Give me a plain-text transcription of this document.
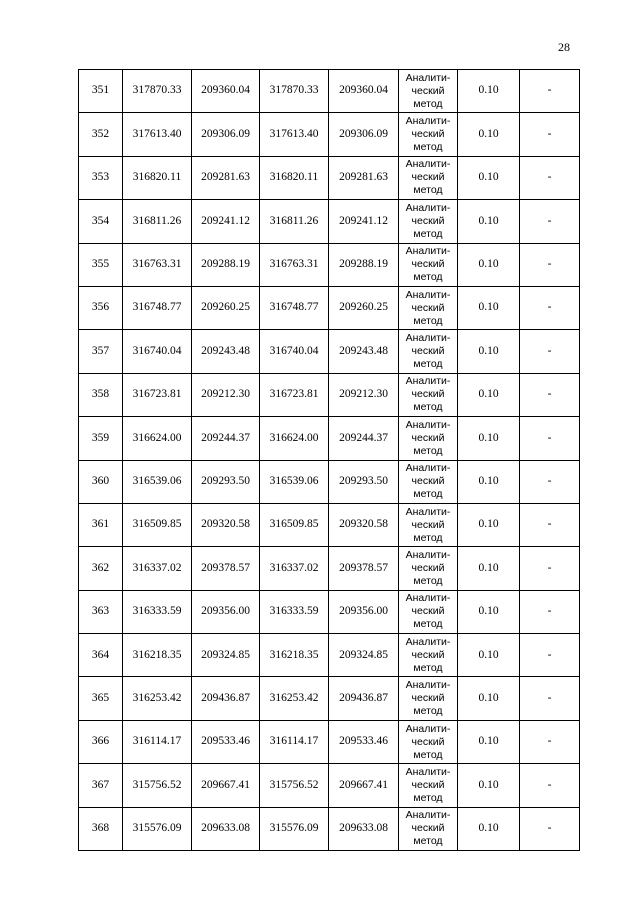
28
351	317870.33	209360.04	317870.33	209360.04	Аналити-
ческий
метод	0.10	-
352	317613.40	209306.09	317613.40	209306.09	Аналити-
ческий
метод	0.10	-
353	316820.11	209281.63	316820.11	209281.63	Аналити-
ческий
метод	0.10	-
354	316811.26	209241.12	316811.26	209241.12	Аналити-
ческий
метод	0.10	-
355	316763.31	209288.19	316763.31	209288.19	Аналити-
ческий
метод	0.10	-
356	316748.77	209260.25	316748.77	209260.25	Аналити-
ческий
метод	0.10	-
357	316740.04	209243.48	316740.04	209243.48	Аналити-
ческий
метод	0.10	-
358	316723.81	209212.30	316723.81	209212.30	Аналити-
ческий
метод	0.10	-
359	316624.00	209244.37	316624.00	209244.37	Аналити-
ческий
метод	0.10	-
360	316539.06	209293.50	316539.06	209293.50	Аналити-
ческий
метод	0.10	-
361	316509.85	209320.58	316509.85	209320.58	Аналити-
ческий
метод	0.10	-
362	316337.02	209378.57	316337.02	209378.57	Аналити-
ческий
метод	0.10	-
363	316333.59	209356.00	316333.59	209356.00	Аналити-
ческий
метод	0.10	-
364	316218.35	209324.85	316218.35	209324.85	Аналити-
ческий
метод	0.10	-
365	316253.42	209436.87	316253.42	209436.87	Аналити-
ческий
метод	0.10	-
366	316114.17	209533.46	316114.17	209533.46	Аналити-
ческий
метод	0.10	-
367	315756.52	209667.41	315756.52	209667.41	Аналити-
ческий
метод	0.10	-
368	315576.09	209633.08	315576.09	209633.08	Аналити-
ческий
метод	0.10	-
